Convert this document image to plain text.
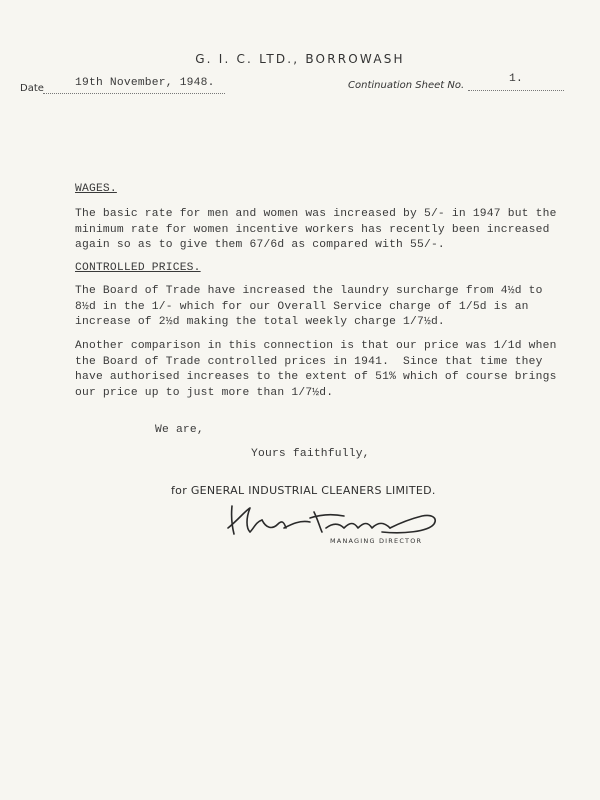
G. I. C. LTD., BORROWASH
Date	19th November, 1948.	Continuation Sheet No.
1.
WAGES.

The basic rate for men and women was increased by 5/- in 1947 but the
minimum rate for women incentive workers has recently been increased
again so as to give them 67/6d as compared with 55/-.

CONTROLLED PRICES.

The Board of Trade have increased the laundry surcharge from 4½d to
8½d in the 1/- which for our Overall Service charge of 1/5d is an
increase of 2½d making the total weekly charge 1/7½d.

Another comparison in this connection is that our price was 1/1d when
the Board of Trade controlled prices in 1941.  Since that time they
have authorised increases to the extent of 51% which of course brings
our price up to just more than 1/7½d.

We are,
Yours faithfully,
for GENERAL INDUSTRIAL CLEANERS LIMITED.
MANAGING DIRECTOR
